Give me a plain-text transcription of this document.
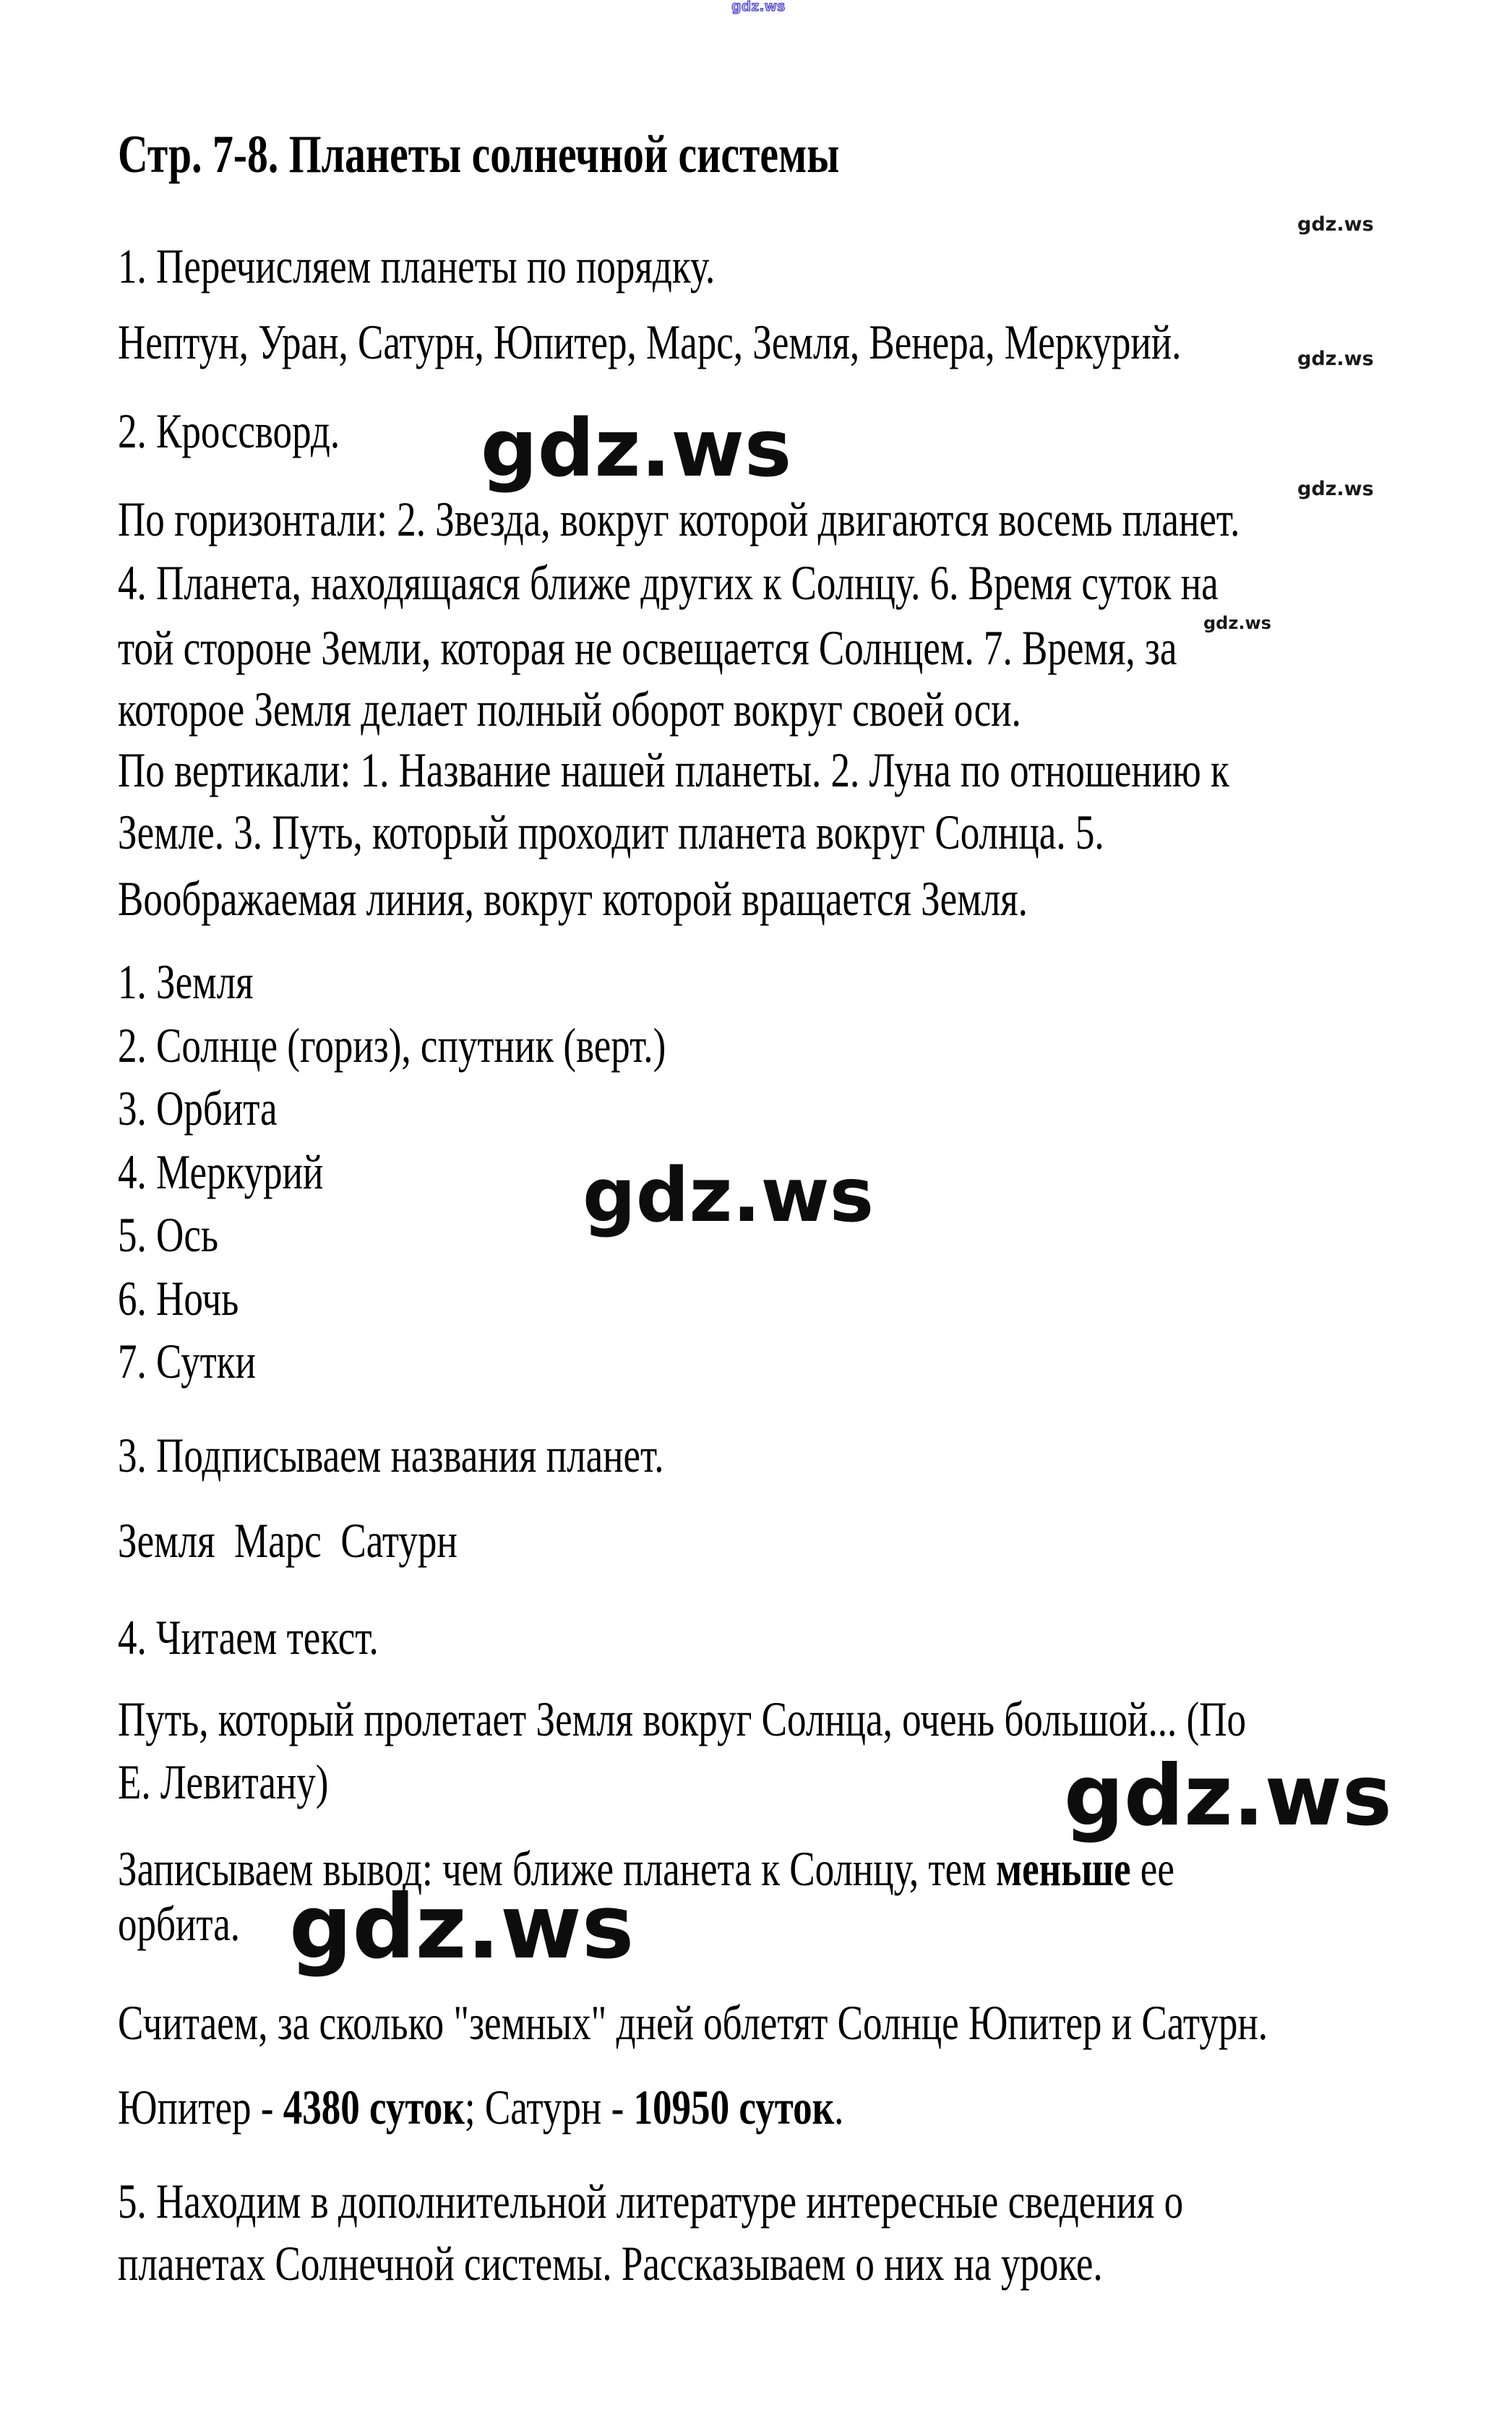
gdz.ws
Стр. 7-8. Планеты солнечной системы
1. Перечисляем планеты по порядку.
Нептун, Уран, Сатурн, Юпитер, Марс, Земля, Венера, Меркурий.
2. Кроссворд.
По горизонтали: 2. Звезда, вокруг которой двигаются восемь планет.
4. Планета, находящаяся ближе других к Солнцу. 6. Время суток на
той стороне Земли, которая не освещается Солнцем. 7. Время, за
которое Земля делает полный оборот вокруг своей оси.
По вертикали: 1. Название нашей планеты. 2. Луна по отношению к
Земле. 3. Путь, который проходит планета вокруг Солнца. 5.
Воображаемая линия, вокруг которой вращается Земля.
1. Земля
2. Солнце (гориз), спутник (верт.)
3. Орбита
4. Меркурий
5. Ось
6. Ночь
7. Сутки
3. Подписываем названия планет.
Земля  Марс  Сатурн
4. Читаем текст.
Путь, который пролетает Земля вокруг Солнца, очень большой... (По
Е. Левитану)
Записываем вывод: чем ближе планета к Солнцу, тем меньше ее
орбита.
Считаем, за сколько "земных" дней облетят Солнце Юпитер и Сатурн.
Юпитер - 4380 суток; Сатурн - 10950 суток.
5. Находим в дополнительной литературе интересные сведения о
планетах Солнечной системы. Рассказываем о них на уроке.
gdz.ws
gdz.ws
gdz.ws
gdz.ws
gdz.ws
gdz.ws
gdz.ws
gdz.ws
